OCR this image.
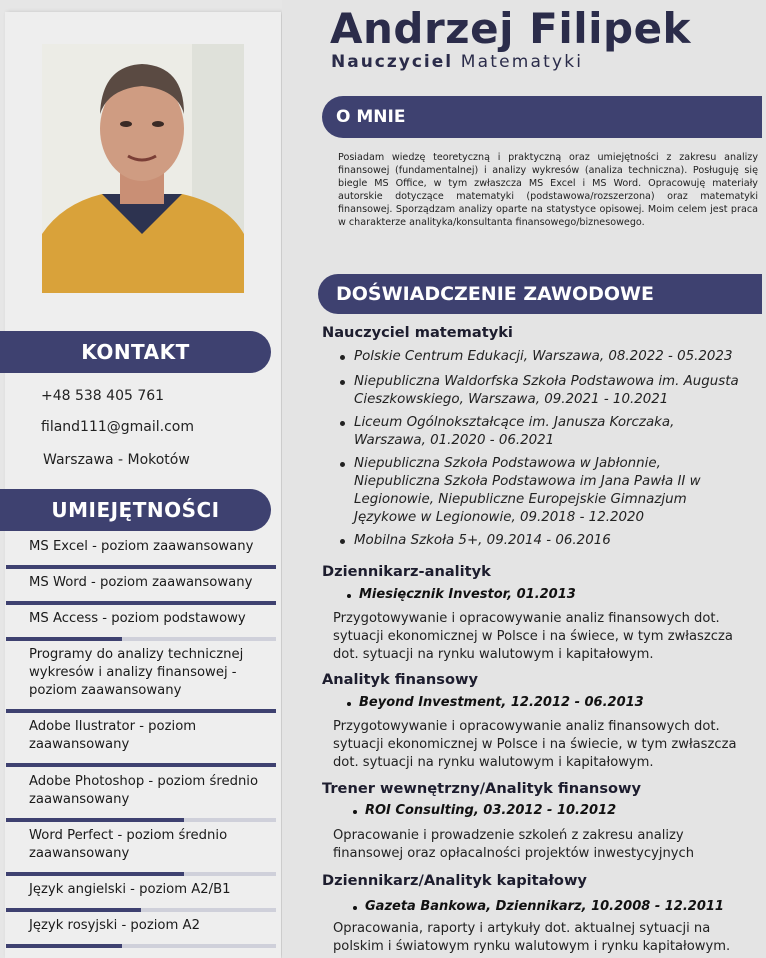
KONTAKT
+48 538 405 761
filand111@gmail.com
Warszawa - Mokotów
UMIEJĘTNOŚCI
MS Excel - poziom zaawansowany
MS Word - poziom zaawansowany
MS Access - poziom podstawowy
Programy do analizy technicznej wykresów i analizy finansowej - poziom zaawansowany
Adobe Ilustrator - poziom zaawansowany
Adobe Photoshop - poziom średnio zaawansowany
Word Perfect - poziom średnio zaawansowany
Język angielski - poziom A2/B1
Język rosyjski - poziom A2
Andrzej Filipek
Nauczyciel Matematyki
O MNIE
Posiadam wiedzę teoretyczną i praktyczną oraz umiejętności z zakresu analizy finansowej (fundamentalnej) i analizy wykresów (analiza techniczna). Posługuję się biegle MS Office, w tym zwłaszcza MS Excel i MS Word. Opracowuję materiały autorskie dotyczące matematyki (podstawowa/rozszerzona) oraz matematyki finansowej. Sporządzam analizy oparte na statystyce opisowej. Moim celem jest praca w charakterze analityka/konsultanta finansowego/biznesowego.
DOŚWIADCZENIE ZAWODOWE
Nauczyciel matematyki
Polskie Centrum Edukacji, Warszawa, 08.2022 - 05.2023
Niepubliczna Waldorfska Szkoła Podstawowa im. Augusta Cieszkowskiego, Warszawa, 09.2021 - 10.2021
Liceum Ogólnokształcące im. Janusza Korczaka, Warszawa, 01.2020 - 06.2021
Niepubliczna Szkoła Podstawowa w Jabłonnie, Niepubliczna Szkoła Podstawowa im Jana Pawła II w Legionowie, Niepubliczne Europejskie Gimnazjum Językowe w Legionowie, 09.2018 - 12.2020
Mobilna Szkoła 5+, 09.2014 - 06.2016
Dziennikarz-analityk
Miesięcznik Investor, 01.2013
Przygotowywanie i opracowywanie analiz finansowych dot. sytuacji ekonomicznej w Polsce i na świece, w tym zwłaszcza dot. sytuacji na rynku walutowym i kapitałowym.
Analityk finansowy
Beyond Investment, 12.2012 - 06.2013
Przygotowywanie i opracowywanie analiz finansowych dot. sytuacji ekonomicznej w Polsce i na świecie, w tym zwłaszcza dot. sytuacji na rynku walutowym i kapitałowym.
Trener wewnętrzny/Analityk finansowy
ROI Consulting, 03.2012 - 10.2012
Opracowanie i prowadzenie szkoleń z zakresu analizy finansowej oraz opłacalności projektów inwestycyjnych
Dziennikarz/Analityk kapitałowy
Gazeta Bankowa, Dziennikarz, 10.2008 - 12.2011
Opracowania, raporty i artykuły dot. aktualnej sytuacji na polskim i światowym rynku walutowym i rynku kapitałowym.
